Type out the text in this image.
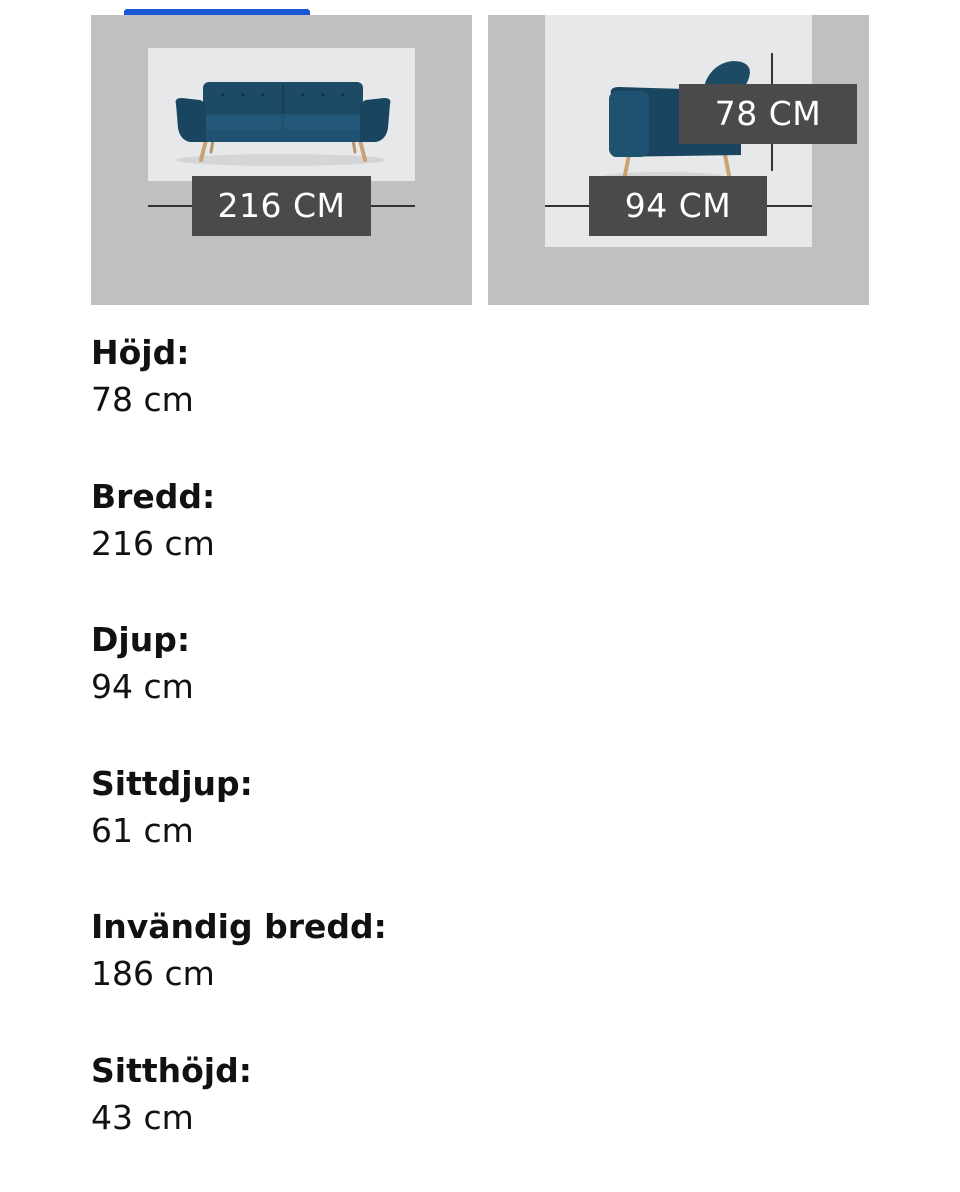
216 CM
78 CM
94 CM
Höjd:
78 cm
Bredd:
216 cm
Djup:
94 cm
Sittdjup:
61 cm
Invändig bredd:
186 cm
Sitthöjd:
43 cm
